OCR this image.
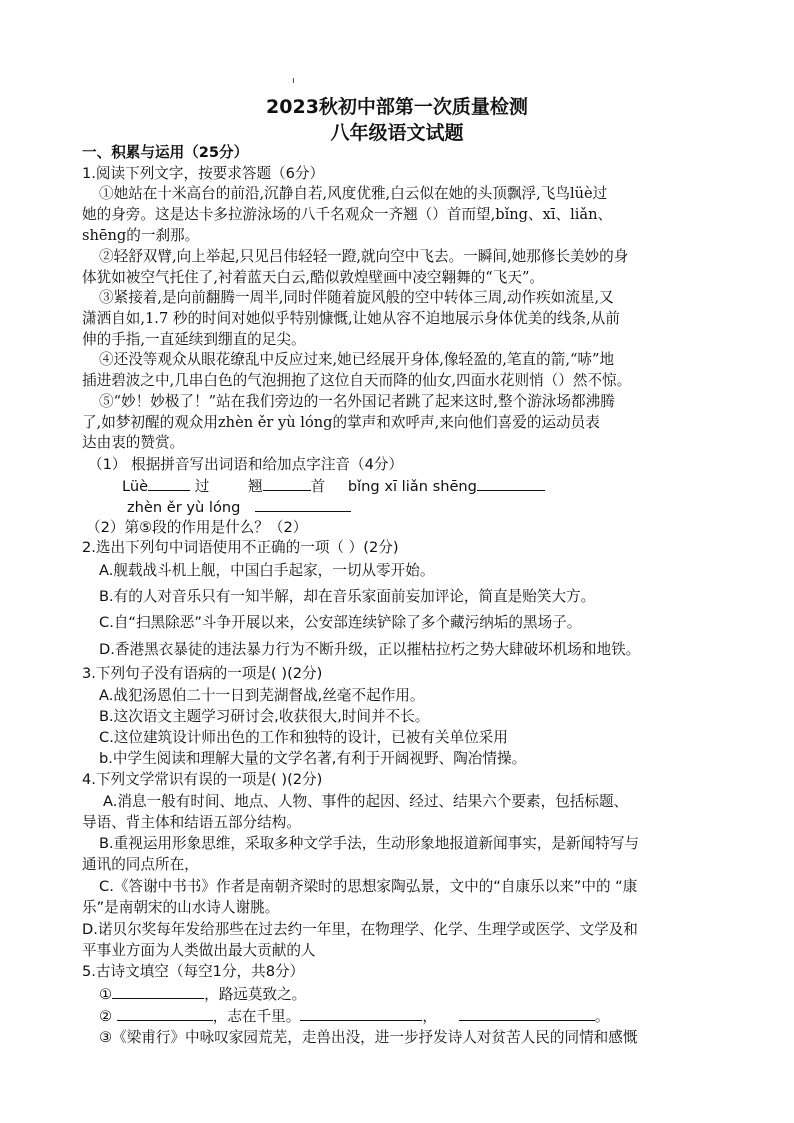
2023秋初中部第一次质量检测
八年级语文试题
一、积累与运用（25分）
1.阅读下列文字，按要求答题（6分）
①她站在十米高台的前沿,沉静自若,风度优雅,白云似在她的头顶飘浮,飞鸟lüè过
她的身旁。这是达卡多拉游泳场的八千名观众一齐翘（）首而望,bǐng、xī、liǎn、
shēng的一刹那。
②轻舒双臂,向上举起,只见吕伟轻轻一蹬,就向空中飞去。一瞬间,她那修长美妙的身
体犹如被空气托住了,衬着蓝天白云,酷似敦煌壁画中凌空翱舞的“飞天”。
③紧接着,是向前翻腾一周半,同时伴随着旋风般的空中转体三周,动作疾如流星,又
潇洒自如,1.7 秒的时间对她似乎特别慷慨,让她从容不迫地展示身体优美的线条,从前
伸的手指,一直延续到绷直的足尖。
④还没等观众从眼花缭乱中反应过来,她已经展开身体,像轻盈的,笔直的箭,“哧”地
插进碧波之中,几串白色的气泡拥抱了这位自天而降的仙女,四面水花则悄（）然不惊。
⑤“妙！妙极了！”站在我们旁边的一名外国记者跳了起来这时,整个游泳场都沸腾
了,如梦初醒的观众用zhèn ěr yù lóng的掌声和欢呼声,来向他们喜爱的运动员表
达由衷的赞赏。
（1） 根据拼音写出词语和给加点字注音（4分）
Lüè	过	翘	首 bǐng xī liǎn shēng
zhèn ěr yù lóng
（2）第⑤段的作用是什么？（2）
2.选出下列句中词语使用不正确的一项（ ）(2分)
A.舰载战斗机上舰，中国白手起家，一切从零开始。
B.有的人对音乐只有一知半解，却在音乐家面前妄加评论，简直是贻笑大方。
C.自“扫黑除恶”斗争开展以来，公安部连续铲除了多个藏污纳垢的黑场子。
D.香港黑衣暴徒的违法暴力行为不断升级，正以摧枯拉朽之势大肆破坏机场和地铁。
3.下列句子没有语病的一项是( )(2分)
A.战犯汤恩伯二十一日到芜湖督战,丝毫不起作用。
B.这次语文主题学习研讨会,收获很大,时间并不长。
C.这位建筑设计师出色的工作和独特的设计，已被有关单位采用
b.中学生阅读和理解大量的文学名著,有利于开阔视野、陶冶情操。
4.下列文学常识有误的一项是( )(2分)
A.消息一般有时间、地点、人物、事件的起因、经过、结果六个要素，包括标题、
导语、背主体和结语五部分结构。
B.重视运用形象思维，采取多种文学手法，生动形象地报道新闻事实，是新闻特写与
通讯的同点所在，
C.《答谢中书书》作者是南朝齐梁时的思想家陶弘景，文中的“自康乐以来”中的 “康
乐”是南朝宋的山水诗人谢朓。
D.诺贝尔奖每年发给那些在过去约一年里，在物理学、化学、生理学或医学、文学及和
平事业方面为人类做出最大贡献的人
5.古诗文填空（每空1分，共8分）
①	，路远莫致之。
②	，志在千里。	，	。
③《梁甫行》中咏叹家园荒芜，走兽出没，进一步抒发诗人对贫苦人民的同情和感慨
